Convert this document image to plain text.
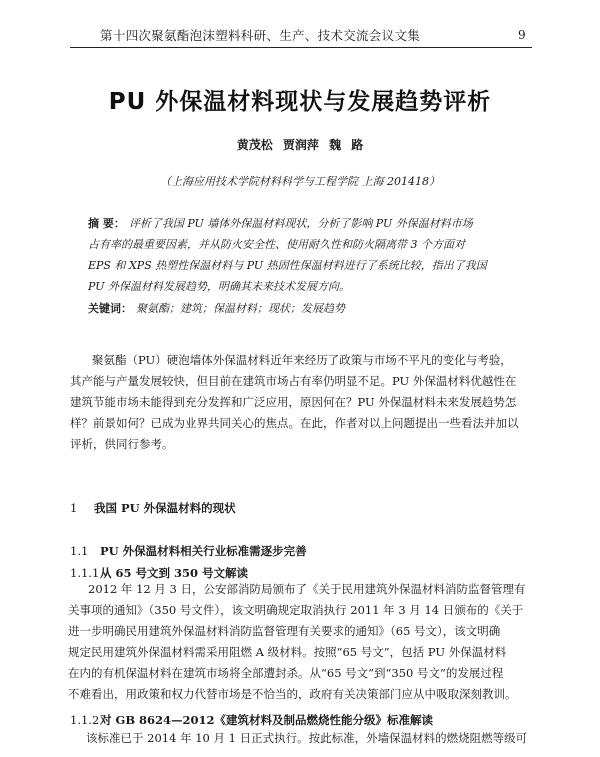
第十四次聚氨酯泡沫塑料科研、生产、技术交流会议文集	9
PU 外保温材料现状与发展趋势评析
黄茂松 贾润萍 魏 路
（上海应用技术学院材料科学与工程学院 上海 201418）
摘 要： 评析了我国 PU 墙体外保温材料现状，分析了影响 PU 外保温材料市场
占有率的最重要因素，并从防火安全性、使用耐久性和防火隔离带 3 个方面对
EPS 和 XPS 热塑性保温材料与 PU 热固性保温材料进行了系统比较，指出了我国
PU 外保温材料发展趋势，明确其未来技术发展方向。
关键词： 聚氨酯；建筑；保温材料；现状；发展趋势
聚氨酯（PU）硬泡墙体外保温材料近年来经历了政策与市场不平凡的变化与考验，
其产能与产量发展较快，但目前在建筑市场占有率仍明显不足。PU 外保温材料优越性在
建筑节能市场未能得到充分发挥和广泛应用，原因何在？PU 外保温材料未来发展趋势怎
样？前景如何？已成为业界共同关心的焦点。在此，作者对以上问题提出一些看法并加以
评析，供同行参考。
1 我国 PU 外保温材料的现状
1.1 PU 外保温材料相关行业标准需逐步完善
1.1.1从 65 号文到 350 号文解读
2012 年 12 月 3 日，公安部消防局颁布了《关于民用建筑外保温材料消防监督管理有
关事项的通知》（350 号文件），该文明确规定取消执行 2011 年 3 月 14 日颁布的《关于
进一步明确民用建筑外保温材料消防监督管理有关要求的通知》（65 号文），该文明确
规定民用建筑外保温材料需采用阻燃 A 级材料。按照“65 号文”，包括 PU 外保温材料
在内的有机保温材料在建筑市场将全部遭封杀。从“65 号文”到“350 号文”的发展过程
不难看出，用政策和权力代替市场是不恰当的，政府有关决策部门应从中吸取深刻教训。
1.1.2对 GB 8624—2012《建筑材料及制品燃烧性能分级》标准解读
该标准已于 2014 年 10 月 1 日正式执行。按此标准，外墙保温材料的燃烧阻燃等级可
